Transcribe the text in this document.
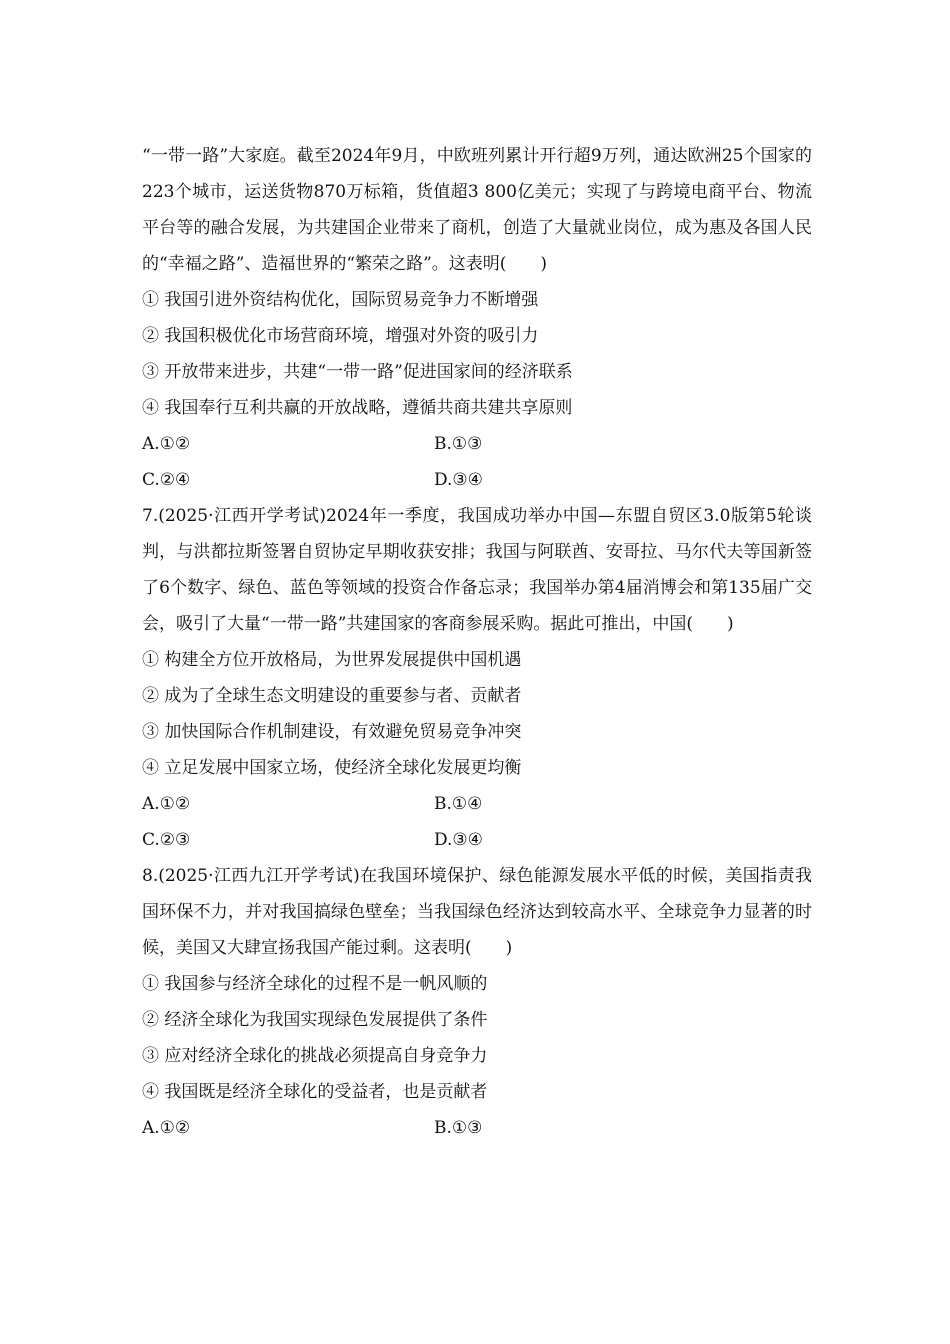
“一带一路”大家庭。截至2024年9月，中欧班列累计开行超9万列，通达欧洲25个国家的223个城市，运送货物870万标箱，货值超3 800亿美元；实现了与跨境电商平台、物流平台等的融合发展，为共建国企业带来了商机，创造了大量就业岗位，成为惠及各国人民的“幸福之路”、造福世界的“繁荣之路”。这表明(　　)
① 我国引进外资结构优化，国际贸易竞争力不断增强
② 我国积极优化市场营商环境，增强对外资的吸引力
③ 开放带来进步，共建“一带一路”促进国家间的经济联系
④ 我国奉行互利共赢的开放战略，遵循共商共建共享原则
A.①②	B.①③
C.②④	D.③④
7.(2025·江西开学考试)2024年一季度，我国成功举办中国—东盟自贸区3.0版第5轮谈判，与洪都拉斯签署自贸协定早期收获安排；我国与阿联酋、安哥拉、马尔代夫等国新签了6个数字、绿色、蓝色等领域的投资合作备忘录；我国举办第4届消博会和第135届广交会，吸引了大量“一带一路”共建国家的客商参展采购。据此可推出，中国(　　)
① 构建全方位开放格局，为世界发展提供中国机遇
② 成为了全球生态文明建设的重要参与者、贡献者
③ 加快国际合作机制建设，有效避免贸易竞争冲突
④ 立足发展中国家立场，使经济全球化发展更均衡
A.①②	B.①④
C.②③	D.③④
8.(2025·江西九江开学考试)在我国环境保护、绿色能源发展水平低的时候，美国指责我国环保不力，并对我国搞绿色壁垒；当我国绿色经济达到较高水平、全球竞争力显著的时候，美国又大肆宣扬我国产能过剩。这表明(　　)
① 我国参与经济全球化的过程不是一帆风顺的
② 经济全球化为我国实现绿色发展提供了条件
③ 应对经济全球化的挑战必须提高自身竞争力
④ 我国既是经济全球化的受益者，也是贡献者
A.①②	B.①③
